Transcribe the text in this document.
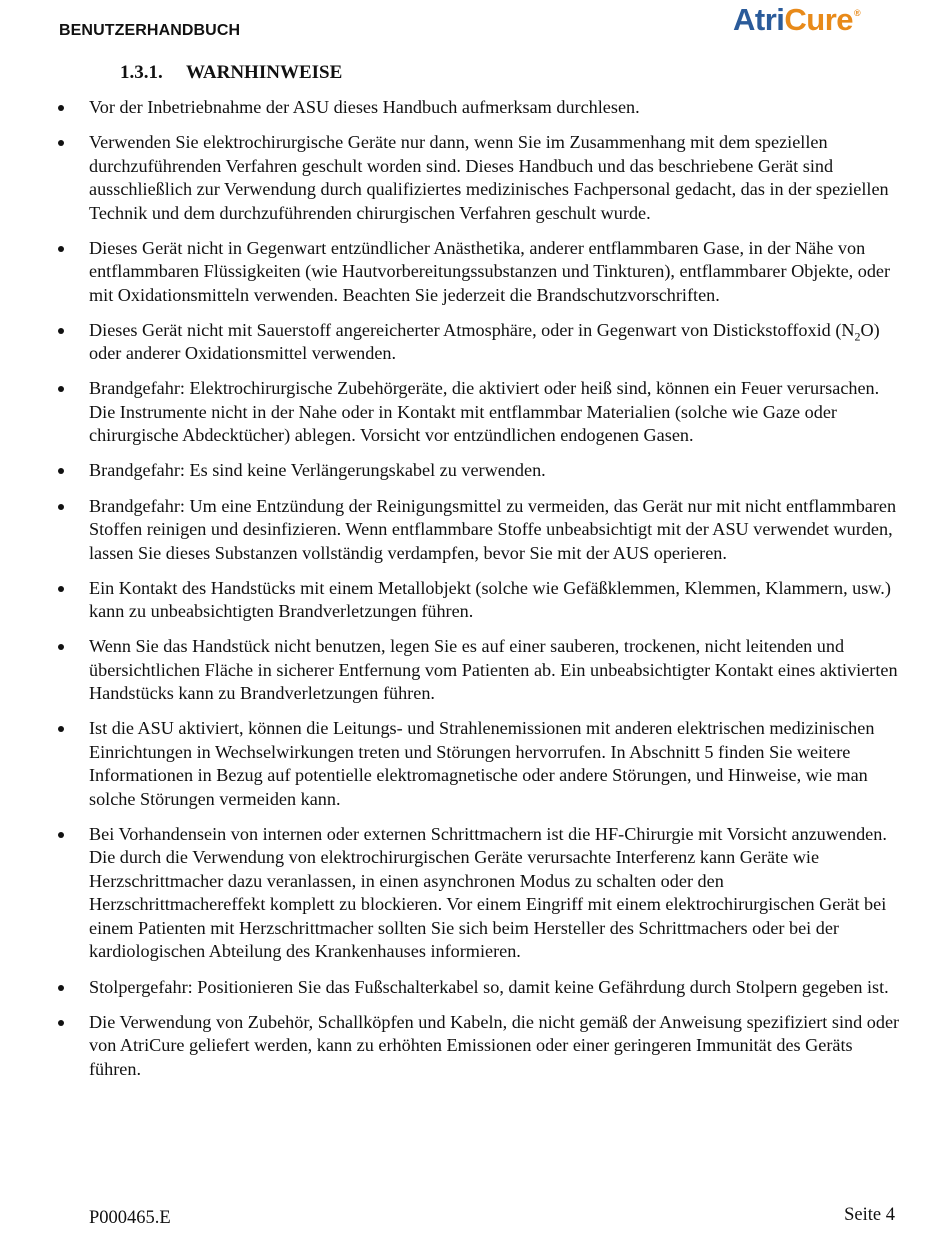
BENUTZERHANDBUCH	Atri Cure ®
1.3.1. WARNHINWEISE
Vor der Inbetriebnahme der ASU dieses Handbuch aufmerksam durchlesen.
Verwenden Sie elektrochirurgische Geräte nur dann, wenn Sie im Zusammenhang mit dem speziellen durchzuführenden Verfahren geschult worden sind. Dieses Handbuch und das beschriebene Gerät sind ausschließlich zur Verwendung durch qualifiziertes medizinisches Fachpersonal gedacht, das in der speziellen Technik und dem durchzuführenden chirurgischen Verfahren geschult wurde.
Dieses Gerät nicht in Gegenwart entzündlicher Anästhetika, anderer entflammbaren Gase, in der Nähe von entflammbaren Flüssigkeiten (wie Hautvorbereitungssubstanzen und Tinkturen), entflammbarer Objekte, oder mit Oxidationsmitteln verwenden. Beachten Sie jederzeit die Brandschutzvorschriften.
Dieses Gerät nicht mit Sauerstoff angereicherter Atmosphäre, oder in Gegenwart von Distickstoffoxid $(N_2O)$ oder anderer Oxidationsmittel verwenden.
Brandgefahr: Elektrochirurgische Zubehörgeräte, die aktiviert oder heiß sind, können ein Feuer verursachen. Die Instrumente nicht in der Nahe oder in Kontakt mit entflammbar Materialien (solche wie Gaze oder chirurgische Abdecktücher) ablegen. Vorsicht vor entzündlichen endogenen Gasen.
Brandgefahr: Es sind keine Verlängerungskabel zu verwenden.
Brandgefahr: Um eine Entzündung der Reinigungsmittel zu vermeiden, das Gerät nur mit nicht entflammbaren Stoffen reinigen und desinfizieren. Wenn entflammbare Stoffe unbeabsichtigt mit der ASU verwendet wurden, lassen Sie dieses Substanzen vollständig verdampfen, bevor Sie mit der AUS operieren.
Ein Kontakt des Handstücks mit einem Metallobjekt (solche wie Gefäßklemmen, Klemmen, Klammern, usw.) kann zu unbeabsichtigten Brandverletzungen führen.
Wenn Sie das Handstück nicht benutzen, legen Sie es auf einer sauberen, trockenen, nicht leitenden und übersichtlichen Fläche in sicherer Entfernung vom Patienten ab. Ein unbeabsichtigter Kontakt eines aktivierten Handstücks kann zu Brandverletzungen führen.
Ist die ASU aktiviert, können die Leitungs- und Strahlenemissionen mit anderen elektrischen medizinischen Einrichtungen in Wechselwirkungen treten und Störungen hervorrufen. In Abschnitt 5 finden Sie weitere Informationen in Bezug auf potentielle elektromagnetische oder andere Störungen, und Hinweise, wie man solche Störungen vermeiden kann.
Bei Vorhandensein von internen oder externen Schrittmachern ist die HF-Chirurgie mit Vorsicht anzuwenden. Die durch die Verwendung von elektrochirurgischen Geräte verursachte Interferenz kann Geräte wie Herzschrittmacher dazu veranlassen, in einen asynchronen Modus zu schalten oder den Herzschrittmachereffekt komplett zu blockieren. Vor einem Eingriff mit einem elektrochirurgischen Gerät bei einem Patienten mit Herzschrittmacher sollten Sie sich beim Hersteller des Schrittmachers oder bei der kardiologischen Abteilung des Krankenhauses informieren.
Stolpergefahr: Positionieren Sie das Fußschalterkabel so, damit keine Gefährdung durch Stolpern gegeben ist.
Die Verwendung von Zubehör, Schallköpfen und Kabeln, die nicht gemäß der Anweisung spezifiziert sind oder von AtriCure geliefert werden, kann zu erhöhten Emissionen oder einer geringeren Immunität des Geräts führen.
P000465.E	Seite 4
